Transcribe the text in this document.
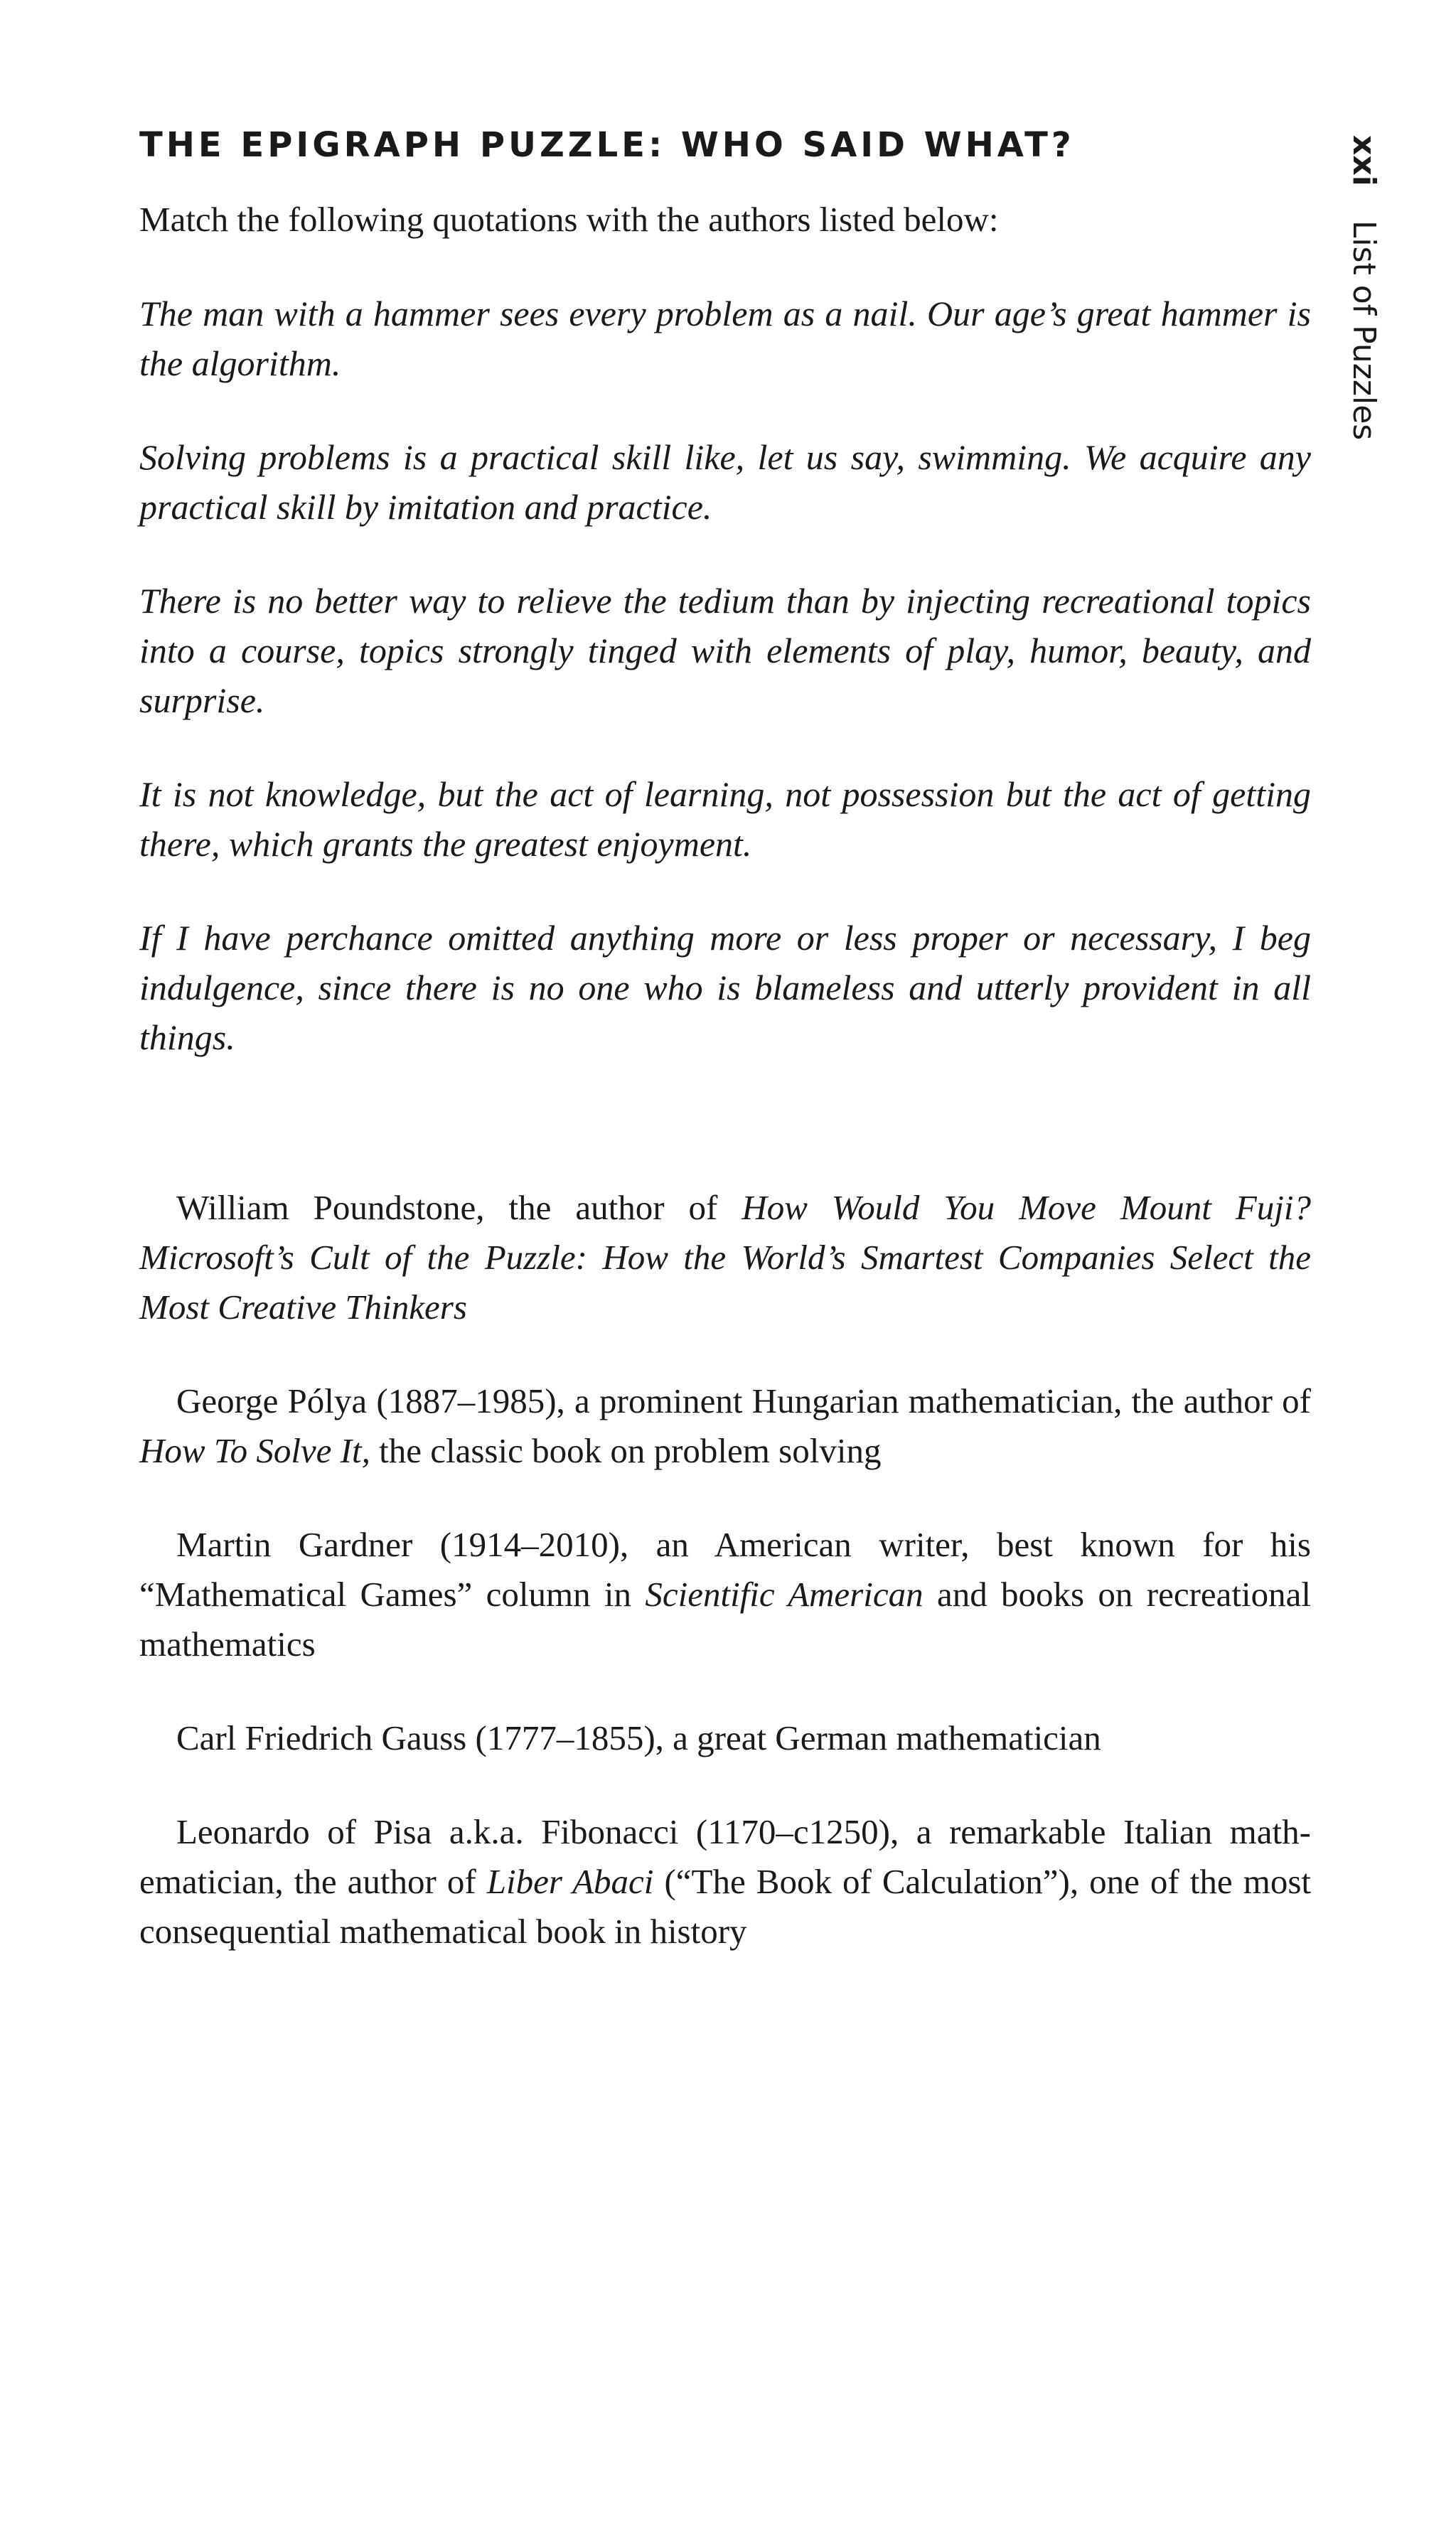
xxi List of Puzzles
THE EPIGRAPH PUZZLE: WHO SAID WHAT?

Match the following quotations with the authors listed below:

The man with a hammer sees every problem as a nail. Our age’s great hammer is the algorithm.

Solving problems is a practical skill like, let us say, swimming. We acquire any practical skill by imitation and practice.

There is no better way to relieve the tedium than by injecting recreational topics into a course, topics strongly tinged with elements of play, humor, beauty, and surprise.

It is not knowledge, but the act of learning, not possession but the act of getting there, which grants the greatest enjoyment.

If I have perchance omitted anything more or less proper or necessary, I beg indulgence, since there is no one who is blameless and utterly provident in all things.

William Poundstone, the author of How Would You Move Mount Fuji? Microsoft’s Cult of the Puzzle: How the World’s Smartest Companies Select the Most Creative Thinkers

George Pólya (1887–1985), a prominent Hungarian mathematician, the author of How To Solve It, the classic book on problem solving

Martin Gardner (1914–2010), an American writer, best known for his “Mathematical Games” column in Scientific American and books on recreational mathematics

Carl Friedrich Gauss (1777–1855), a great German mathematician

Leonardo of Pisa a.k.a. Fibonacci (1170–c1250), a remarkable Italian mathematician, the author of Liber Abaci (“The Book of Calculation”), one of the most consequential mathematical book in history
